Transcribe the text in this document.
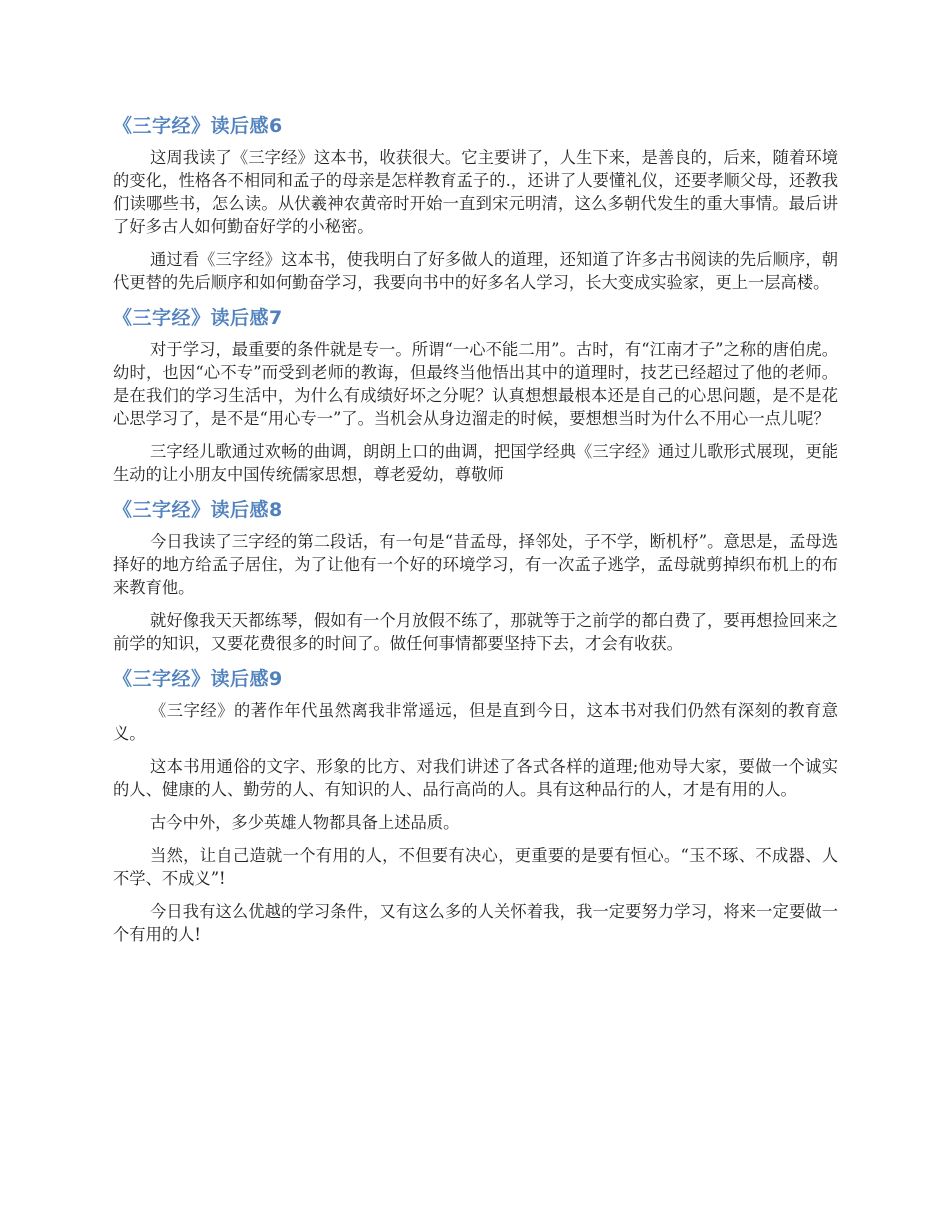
《三字经》读后感6

这周我读了《三字经》这本书，收获很大。它主要讲了，人生下来，是善良的，后来，随着环境的变化，性格各不相同和孟子的母亲是怎样教育孟子的.，还讲了人要懂礼仪，还要孝顺父母，还教我们读哪些书，怎么读。从伏羲神农黄帝时开始一直到宋元明清，这么多朝代发生的重大事情。最后讲了好多古人如何勤奋好学的小秘密。

通过看《三字经》这本书，使我明白了好多做人的道理，还知道了许多古书阅读的先后顺序，朝代更替的先后顺序和如何勤奋学习，我要向书中的好多名人学习，长大变成实验家，更上一层高楼。

《三字经》读后感7

对于学习，最重要的条件就是专一。所谓“一心不能二用”。古时，有“江南才子”之称的唐伯虎。幼时，也因“心不专”而受到老师的教诲，但最终当他悟出其中的道理时，技艺已经超过了他的老师。是在我们的学习生活中，为什么有成绩好坏之分呢？认真想想最根本还是自己的心思问题，是不是花心思学习了，是不是“用心专一”了。当机会从身边溜走的时候，要想想当时为什么不用心一点儿呢？

三字经儿歌通过欢畅的曲调，朗朗上口的曲调，把国学经典《三字经》通过儿歌形式展现，更能生动的让小朋友中国传统儒家思想，尊老爱幼，尊敬师

《三字经》读后感8

今日我读了三字经的第二段话，有一句是“昔孟母，择邻处，子不学，断机杼”。意思是，孟母选择好的地方给孟子居住，为了让他有一个好的环境学习，有一次孟子逃学，孟母就剪掉织布机上的布来教育他。

就好像我天天都练琴，假如有一个月放假不练了，那就等于之前学的都白费了，要再想捡回来之前学的知识，又要花费很多的时间了。做任何事情都要坚持下去，才会有收获。

《三字经》读后感9

《三字经》的著作年代虽然离我非常遥远，但是直到今日，这本书对我们仍然有深刻的教育意义。

这本书用通俗的文字、形象的比方、对我们讲述了各式各样的道理;他劝导大家，要做一个诚实的人、健康的人、勤劳的人、有知识的人、品行高尚的人。具有这种品行的人，才是有用的人。

古今中外，多少英雄人物都具备上述品质。

当然，让自己造就一个有用的人，不但要有决心，更重要的是要有恒心。“玉不琢、不成器、人不学、不成义”!

今日我有这么优越的学习条件，又有这么多的人关怀着我，我一定要努力学习，将来一定要做一个有用的人!
